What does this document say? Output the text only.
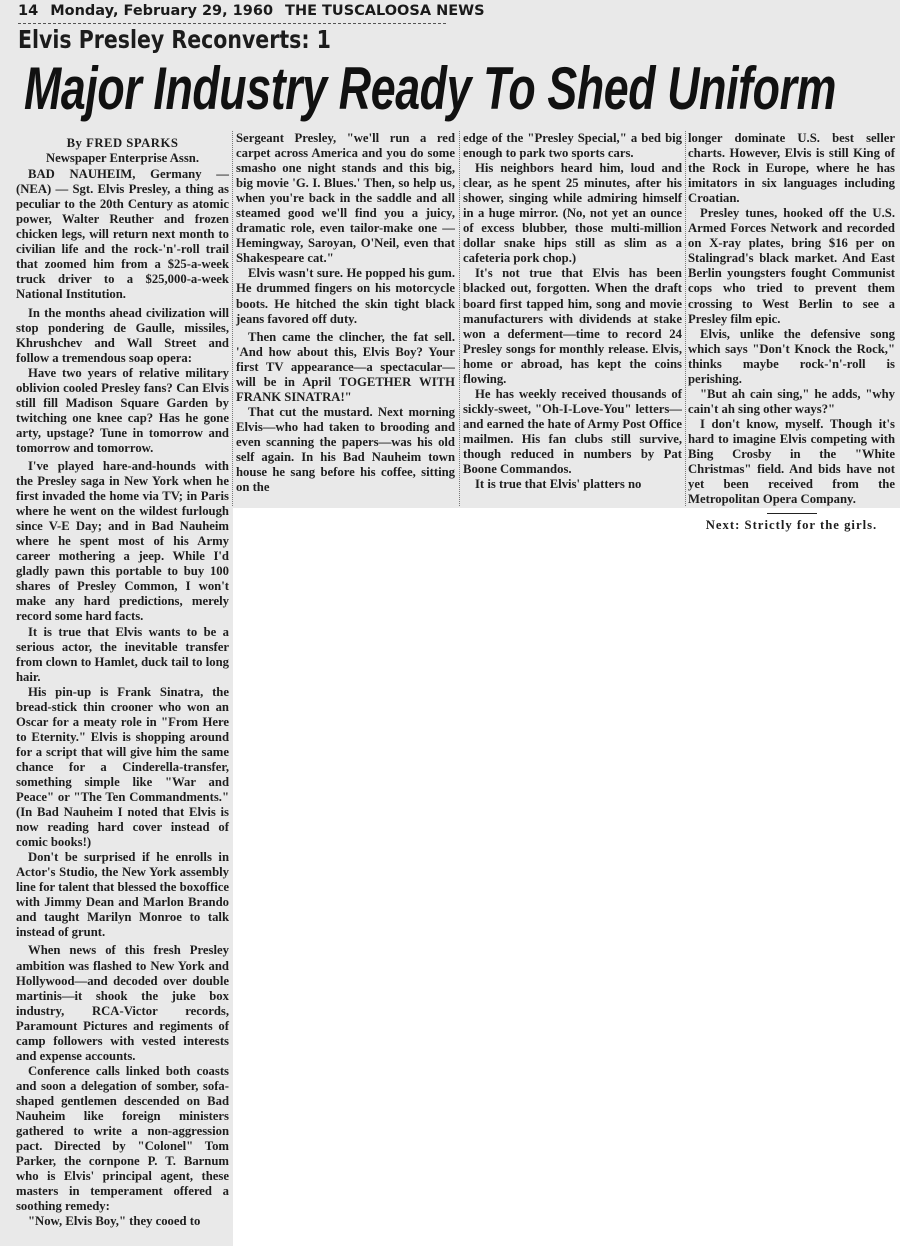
14 Monday, February 29, 1960 THE TUSCALOOSA NEWS
Elvis Presley Reconverts: 1
Major Industry Ready To Shed Uniform
By FRED SPARKS
Newspaper Enterprise Assn.

BAD NAUHEIM, Germany — (NEA) — Sgt. Elvis Presley, a thing as peculiar to the 20th Century as atomic power, Walter Reuther and frozen chicken legs, will return next month to civilian life and the rock-'n'-roll trail that zoomed him from a $25-a-week truck driver to a $25,000-a-week National Institution.

In the months ahead civilization will stop pondering de Gaulle, missiles, Khrushchev and Wall Street and follow a tremendous soap opera:

Have two years of relative military oblivion cooled Presley fans? Can Elvis still fill Madison Square Garden by twitching one knee cap? Has he gone arty, upstage? Tune in tomorrow and tomorrow and tomorrow.

I've played hare-and-hounds with the Presley saga in New York when he first invaded the home via TV; in Paris where he went on the wildest furlough since V-E Day; and in Bad Nauheim where he spent most of his Army career mothering a jeep. While I'd gladly pawn this portable to buy 100 shares of Presley Common, I won't make any hard predictions, merely record some hard facts.

It is true that Elvis wants to be a serious actor, the inevitable transfer from clown to Hamlet, duck tail to long hair.

His pin-up is Frank Sinatra, the bread-stick thin crooner who won an Oscar for a meaty role in "From Here to Eternity." Elvis is shopping around for a script that will give him the same chance for a Cinderella-transfer, something simple like "War and Peace" or "The Ten Commandments." (In Bad Nauheim I noted that Elvis is now reading hard cover instead of comic books!)

Don't be surprised if he enrolls in Actor's Studio, the New York assembly line for talent that blessed the boxoffice with Jimmy Dean and Marlon Brando and taught Marilyn Monroe to talk instead of grunt.

When news of this fresh Presley ambition was flashed to New York and Hollywood—and decoded over double martinis—it shook the juke box industry, RCA-Victor records, Paramount Pictures and regiments of camp followers with vested interests and expense accounts.

Conference calls linked both coasts and soon a delegation of somber, sofa-shaped gentlemen descended on Bad Nauheim like foreign ministers gathered to write a non-aggression pact. Directed by "Colonel" Tom Parker, the cornpone P. T. Barnum who is Elvis' principal agent, these masters in temperament offered a soothing remedy:

"Now, Elvis Boy," they cooed to

Sergeant Presley, "we'll run a red carpet across America and you do some smasho one night stands and this big, big movie 'G. I. Blues.' Then, so help us, when you're back in the saddle and all steamed good we'll find you a juicy, dramatic role, even tailor-make one — Hemingway, Saroyan, O'Neil, even that Shakespeare cat."

Elvis wasn't sure. He popped his gum. He drummed fingers on his motorcycle boots. He hitched the skin tight black jeans favored off duty.

Then came the clincher, the fat sell. 'And how about this, Elvis Boy? Your first TV appearance—a spectacular—will be in April TOGETHER WITH FRANK SINATRA!"

That cut the mustard. Next morning Elvis—who had taken to brooding and even scanning the papers—was his old self again. In his Bad Nauheim town house he sang before his coffee, sitting on the

edge of the "Presley Special," a bed big enough to park two sports cars.

His neighbors heard him, loud and clear, as he spent 25 minutes, after his shower, singing while admiring himself in a huge mirror. (No, not yet an ounce of excess blubber, those multi-million dollar snake hips still as slim as a cafeteria pork chop.)

It's not true that Elvis has been blacked out, forgotten. When the draft board first tapped him, song and movie manufacturers with dividends at stake won a deferment—time to record 24 Presley songs for monthly release. Elvis, home or abroad, has kept the coins flowing.

He has weekly received thousands of sickly-sweet, "Oh-I-Love-You" letters—and earned the hate of Army Post Office mailmen. His fan clubs still survive, though reduced in numbers by Pat Boone Commandos.

It is true that Elvis' platters no

longer dominate U.S. best seller charts. However, Elvis is still King of the Rock in Europe, where he has imitators in six languages including Croatian.

Presley tunes, hooked off the U.S. Armed Forces Network and recorded on X-ray plates, bring $16 per on Stalingrad's black market. And East Berlin youngsters fought Communist cops who tried to prevent them crossing to West Berlin to see a Presley film epic.

Elvis, unlike the defensive song which says "Don't Knock the Rock," thinks maybe rock-'n'-roll is perishing.

"But ah cain sing," he adds, "why cain't ah sing other ways?"

I don't know, myself. Though it's hard to imagine Elvis competing with Bing Crosby in the "White Christmas" field. And bids have not yet been received from the Metropolitan Opera Company.

Next: Strictly for the girls.
